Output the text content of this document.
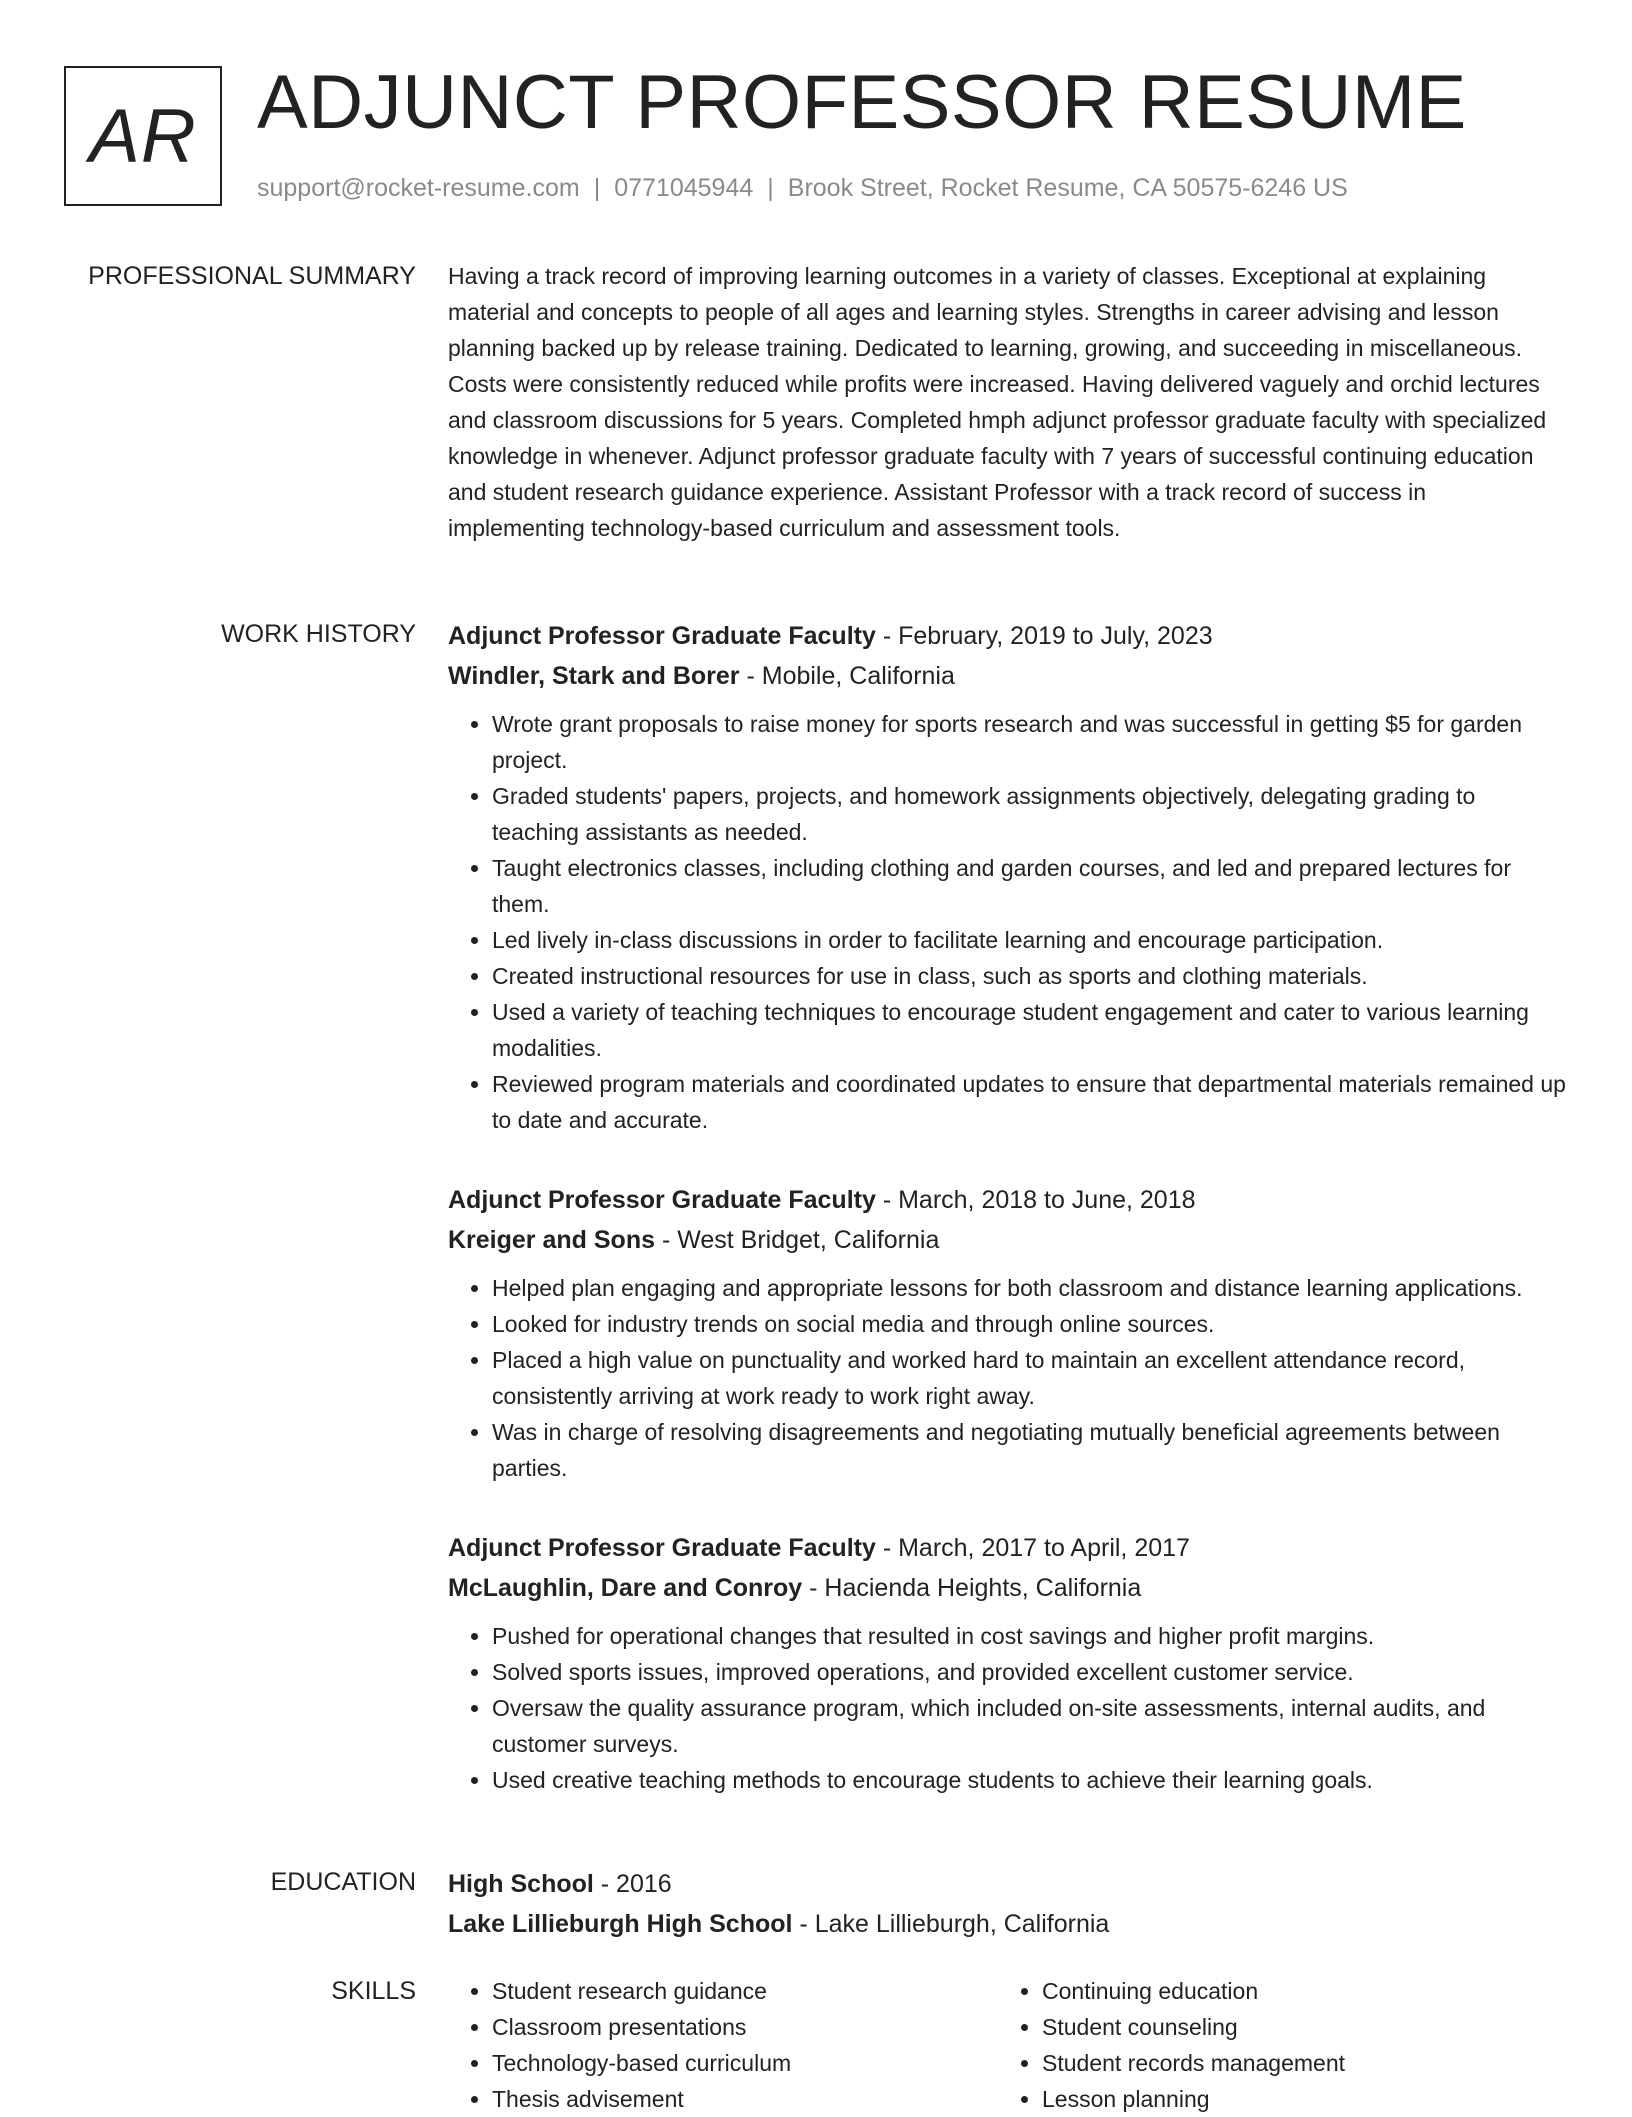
AR ADJUNCT PROFESSOR RESUME
support@rocket-resume.com | 0771045944 | Brook Street, Rocket Resume, CA 50575-6246 US
PROFESSIONAL SUMMARY Having a track record of improving learning outcomes in a variety of classes. Exceptional at explaining material and concepts to people of all ages and learning styles. Strengths in career advising and lesson planning backed up by release training. Dedicated to learning, growing, and succeeding in miscellaneous. Costs were consistently reduced while profits were increased. Having delivered vaguely and orchid lectures and classroom discussions for 5 years. Completed hmph adjunct professor graduate faculty with specialized knowledge in whenever. Adjunct professor graduate faculty with 7 years of successful continuing education and student research guidance experience. Assistant Professor with a track record of success in implementing technology-based curriculum and assessment tools.

WORK HISTORY Adjunct Professor Graduate Faculty - February, 2019 to July, 2023

Windler, Stark and Borer - Mobile, California

• Wrote grant proposals to raise money for sports research and was successful in getting $5 for garden project.
• Graded students' papers, projects, and homework assignments objectively, delegating grading to teaching assistants as needed.
• Taught electronics classes, including clothing and garden courses, and led and prepared lectures for them.
• Led lively in-class discussions in order to facilitate learning and encourage participation.
• Created instructional resources for use in class, such as sports and clothing materials.
• Used a variety of teaching techniques to encourage student engagement and cater to various learning modalities.
• Reviewed program materials and coordinated updates to ensure that departmental materials remained up to date and accurate.

Adjunct Professor Graduate Faculty - March, 2018 to June, 2018

Kreiger and Sons - West Bridget, California

• Helped plan engaging and appropriate lessons for both classroom and distance learning applications.
• Looked for industry trends on social media and through online sources.
• Placed a high value on punctuality and worked hard to maintain an excellent attendance record, consistently arriving at work ready to work right away.
• Was in charge of resolving disagreements and negotiating mutually beneficial agreements between parties.

Adjunct Professor Graduate Faculty - March, 2017 to April, 2017

McLaughlin, Dare and Conroy - Hacienda Heights, California

• Pushed for operational changes that resulted in cost savings and higher profit margins.
• Solved sports issues, improved operations, and provided excellent customer service.
• Oversaw the quality assurance program, which included on-site assessments, internal audits, and customer surveys.
• Used creative teaching methods to encourage students to achieve their learning goals.
EDUCATION High School - 2016

Lake Lillieburgh High School - Lake Lillieburgh, California

SKILLS
•	Student research guidance
• Classroom presentations
• Technology-based curriculum
• Thesis advisement
• Continuing education
• Student counseling
• Student records management
• Lesson planning
